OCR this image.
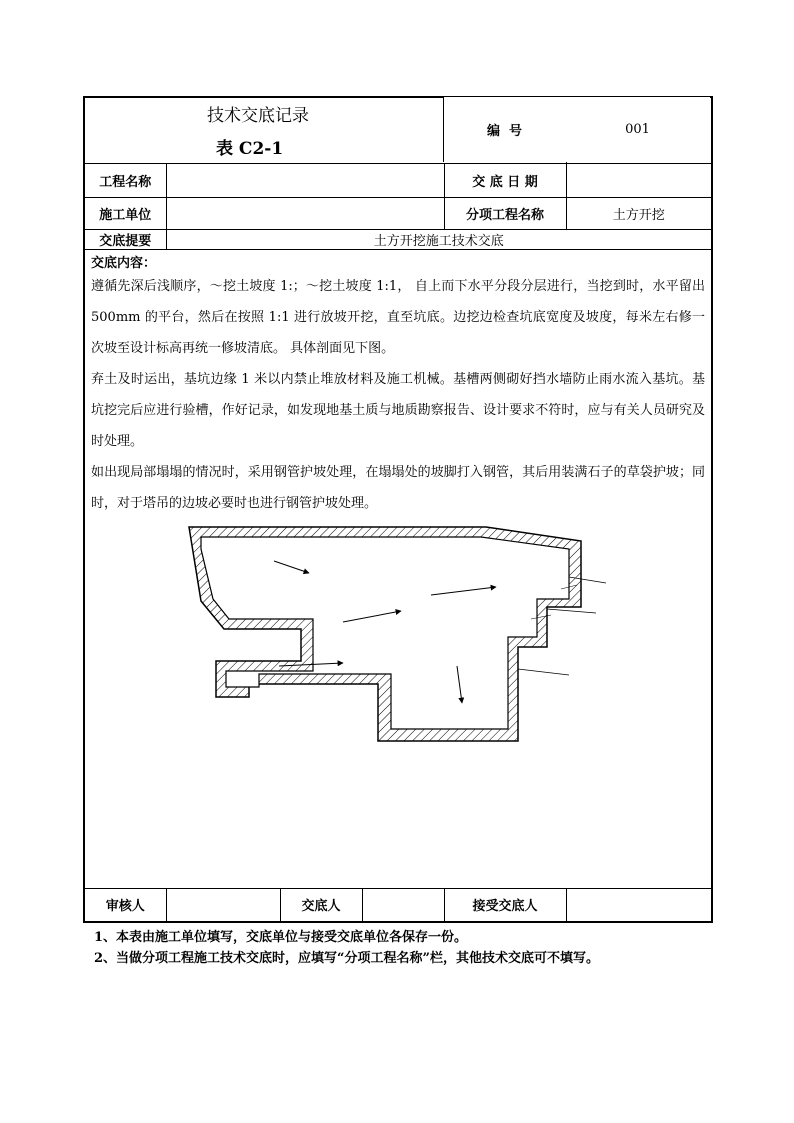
技术交底记录
表 C2-1					

工程名称				交 底 日 期	
施工单位				分项工程名称	土方开挖
交底提要	土方开挖施工技术交底				

交底内容：

遵循先深后浅顺序，～挖土坡度 1:；～挖土坡度 1:1， 自上而下水平分段分层进行，当挖到时，水平留出 500mm 的平台，然后在按照 1:1 进行放坡开挖，直至坑底。边挖边检查坑底宽度及坡度，每米左右修一次坡至设计标高再统一修坡清底。 具体剖面见下图。

弃土及时运出，基坑边缘 1 米以内禁止堆放材料及施工机械。基槽两侧砌好挡水墙防止雨水流入基坑。基坑挖完后应进行验槽，作好记录，如发现地基土质与地质勘察报告、设计要求不符时，应与有关人员研究及时处理。

如出现局部塌塌的情况时，采用钢管护坡处理，在塌塌处的坡脚打入钢管，其后用装满石子的草袋护坡；同时，对于塔吊的边坡必要时也进行钢管护坡处理。					

审核人		交底人		接受交底人	
编  号	001
1、本表由施工单位填写，交底单位与接受交底单位各保存一份。
2、当做分项工程施工技术交底时，应填写“分项工程名称”栏，其他技术交底可不填写。
